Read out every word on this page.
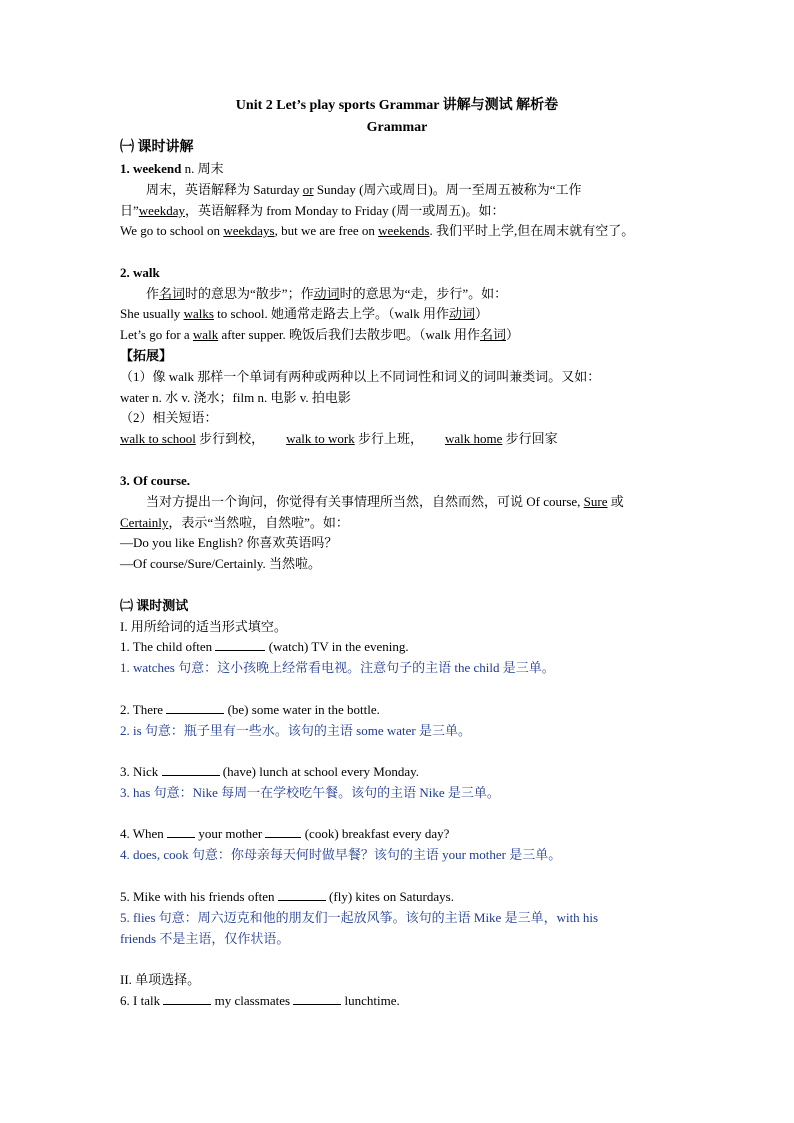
Unit 2 Let’s play sports Grammar 讲解与测试 解析卷
Grammar
㈠ 课时讲解
1. weekend n. 周末
周末，英语解释为 Saturday or Sunday (周六或周日)。周一至周五被称为“工作
日”weekday，英语解释为 from Monday to Friday (周一或周五)。如：
We go to school on weekdays, but we are free on weekends. 我们平时上学,但在周末就有空了。
2. walk
作名词时的意思为“散步”；作动词时的意思为“走，步行”。如：
She usually walks to school. 她通常走路去上学。（walk 用作动词）
Let’s go for a walk after supper. 晚饭后我们去散步吧。（walk 用作名词）
【拓展】
（1）像 walk 那样一个单词有两种或两种以上不同词性和词义的词叫兼类词。又如：
water n. 水 v. 浇水；film n. 电影 v. 拍电影
（2）相关短语：
walk to school 步行到校， walk to work 步行上班， walk home 步行回家
3. Of course.
当对方提出一个询问，你觉得有关事情理所当然，自然而然，可说 Of course, Sure 或
Certainly，表示“当然啦，自然啦”。如：
—Do you like English? 你喜欢英语吗？
—Of course/Sure/Certainly. 当然啦。
㈡ 课时测试
I. 用所给词的适当形式填空。
1. The child often	(watch) TV in the evening.
1. watches 句意：这小孩晚上经常看电视。注意句子的主语 the child 是三单。
2. There	(be) some water in the bottle.
2. is 句意：瓶子里有一些水。该句的主语 some water 是三单。
3. Nick	(have) lunch at school every Monday.
3. has 句意：Nike 每周一在学校吃午餐。该句的主语 Nike 是三单。
4. When  your mother	(cook) breakfast every day?
4. does, cook 句意：你母亲每天何时做早餐？该句的主语 your mother 是三单。
5. Mike with his friends often	(fly) kites on Saturdays.
5. flies 句意：周六迈克和他的朋友们一起放风筝。该句的主语 Mike 是三单，with his
friends 不是主语，仅作状语。
II. 单项选择。
6. I talk	my classmates	lunchtime.
